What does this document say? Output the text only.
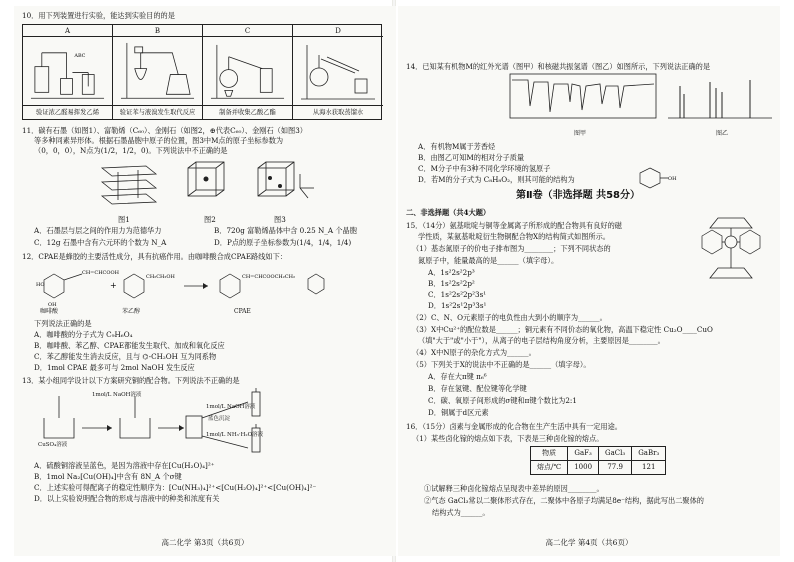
10．用下列装置进行实验，能达到实验目的的是
A
ABC
验证浓乙醛易挥发乙烯
B
验证苯与液溴发生取代反应
C
制备并收集乙酸乙酯
D
从海水获取蒸馏水
11．碳有石墨（如图1）、富勒烯（C₆₀）、金刚石（如图2，⊕代表C₆₀）、金刚石（如图3）
等多种同素异形体。根据石墨晶胞中原子的位置，图3中M点的原子坐标参数为
（0，0，0），N点为(1/2，1/2，0)。下列说法中不正确的是
图1	图2	图3
A．石墨层与层之间的作用力为范德华力	B．720g 富勒烯晶体中含 0.25 N_A 个晶胞
C．12g 石墨中含有六元环的个数为 N_A	D．P点的原子坐标参数为(1/4，1/4，1/4)
12．CPAE是蜂胶的主要活性成分，具有抗癌作用。由咖啡酸合成CPAE路线如下：
CH=CHCOOH
OH
HO	+
CH₂CH₂OH	CH=CHCOOCH₂CH₂
咖啡酸	苯乙醇	CPAE
下列说法正确的是
A．咖啡酸的分子式为 C₉H₆O₄
B．咖啡酸、苯乙醇、CPAE都能发生取代、加成和氧化反应
C．苯乙醇能发生消去反应，且与 ⌬-CH₂OH 互为同系物
D．1mol CPAE 最多可与 2mol NaOH 发生反应
13．某小组同学设计以下方案研究铜的配合物。下列说法不正确的是
1mol/L NaOH溶液
CuSO₄溶液
蓝色沉淀
1mol/L NaOH溶液
1mol/L NH₃·H₂O溶液
A．硫酸铜溶液呈蓝色，是因为溶液中存在[Cu(H₂O)₄]²⁺
B．1mol Na₂[Cu(OH)₄]中含有 8N_A 个σ键
C．上述实验可得配离子的稳定性顺序为：[Cu(NH₃)₄]²⁺<[Cu(H₂O)₄]²⁺<[Cu(OH)₄]²⁻
D．以上实验说明配合物的形成与溶液中的种类和浓度有关
高二化学 第3页（共6页）
14．已知某有机物M的红外光谱（图甲）和核磁共振氢谱（图乙）如图所示，下列说法正确的是
图甲	图乙
A．有机物M属于芳香烃
B．由图乙可知M的相对分子质量
C．M分子中有3种不同化学环境的氢原子
D．若M的分子式为 C₈H₈O₂，则其可能的结构为	OH
第Ⅱ卷（非选择题 共58分）
二、非选择题（共4大题）
15．（14分）氨基吡啶与铜等金属离子所形成的配合物具有良好的磁
学性质，某氨基吡啶衍生物铜配合物X的结构简式如图所示。
（1）基态氮原子的价电子排布图为________；下列不同状态的
氮原子中，能量最高的是______（填字母）。
A．1s²2s²2p³
B．1s²2s²2p²
C．1s²2s²2p²3s¹
D．1s²2s¹2p³3s¹
（2）C、N、O元素原子的电负性由大到小的顺序为______。
（3）X中Cu²⁺的配位数是______；铜元素有不同价态的氧化物，高温下稳定性 Cu₂O____CuO
（填"大于"或"小于"），从离子的电子层结构角度分析，主要原因是________。
（4）X中N原子的杂化方式为______。
（5）下列关于X的说法中不正确的是______（填字母）。
A．存在大π键 π₆⁶
B．存在氢键、配位键等化学键
C．碳、氧原子间形成的σ键和π键个数比为2:1
D．铜属于d区元素
16．（15分）卤素与金属形成的化合物在生产生活中具有一定用途。
（1）某些卤化镓的熔点如下表，下表是三种卤化镓的熔点。
物质	GaF₃	GaCl₃	GaBr₃
熔点/℃	1000	77.9	121
①试解释三种卤化镓熔点呈现表中差异的原因________。
②气态 GaCl₃常以二聚体形式存在，二聚体中各原子均满足8e⁻结构，据此写出二聚体的
结构式为______。
高二化学 第4页（共6页）
